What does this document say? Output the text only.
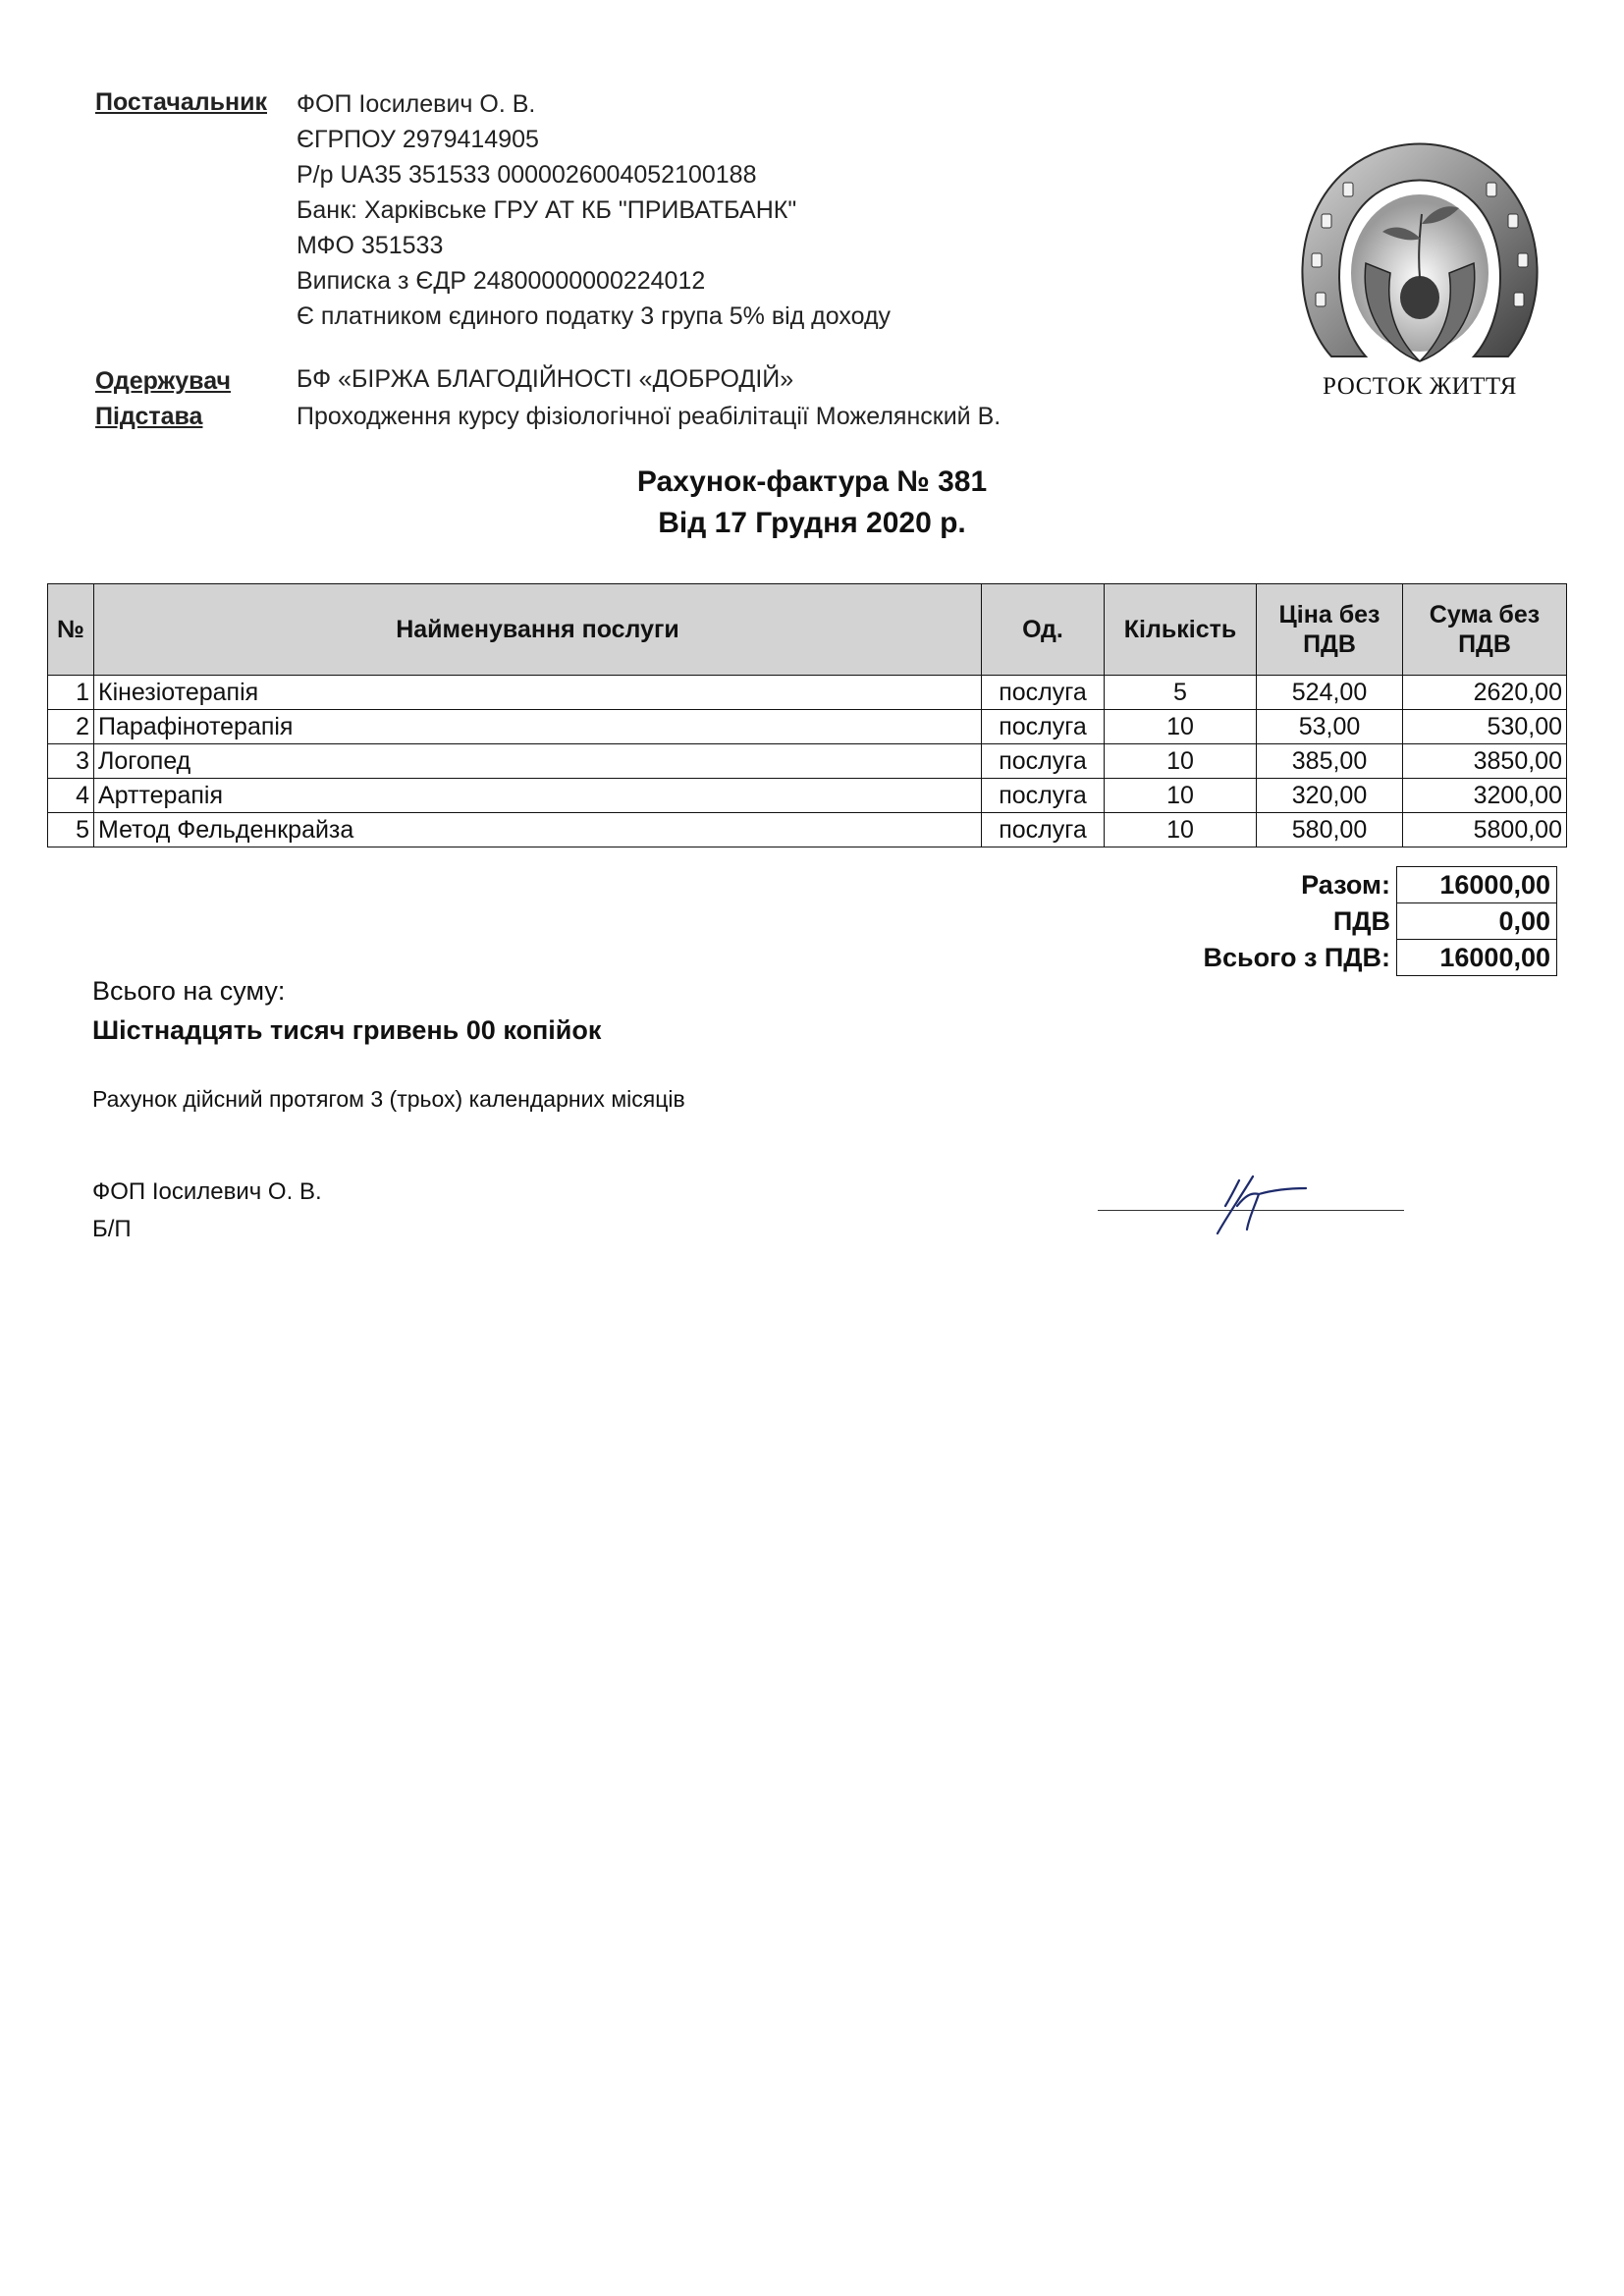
Постачальник ФОП Іосилевич О. В.
ЄГРПОУ 2979414905
Р/р UA35 351533 0000026004052100188
Банк: Харківське ГРУ АТ КБ "ПРИВАТБАНК"
МФО 351533
Виписка з ЄДР 24800000000224012
Є платником єдиного податку 3 група 5% від доходу
Одержувач	БФ «БІРЖА БЛАГОДІЙНОСТІ «ДОБРОДІЙ»
Підстава	Проходження курсу фізіологічної реабілітації Можелянский В.
РОСТОК ЖИТТЯ
Рахунок-фактура № 381
Від 17 Грудня 2020 р.
№	Найменування послуги	Од.	Кількість	Ціна без ПДВ	Сума без ПДВ
1	Кінезіотерапія	послуга	5	524,00	2620,00
2	Парафінотерапія	послуга	10	53,00	530,00
3	Логопед	послуга	10	385,00	3850,00
4	Арттерапія	послуга	10	320,00	3200,00
5	Метод Фельденкрайза	послуга	10	580,00	5800,00
Разом:	16000,00
ПДВ	0,00
Всього з ПДВ:	16000,00
Всього на суму:
Шістнадцять тисяч гривень 00 копійок
Рахунок дійсний протягом 3 (трьох) календарних місяців
ФОП Іосилевич О. В.
Б/П
